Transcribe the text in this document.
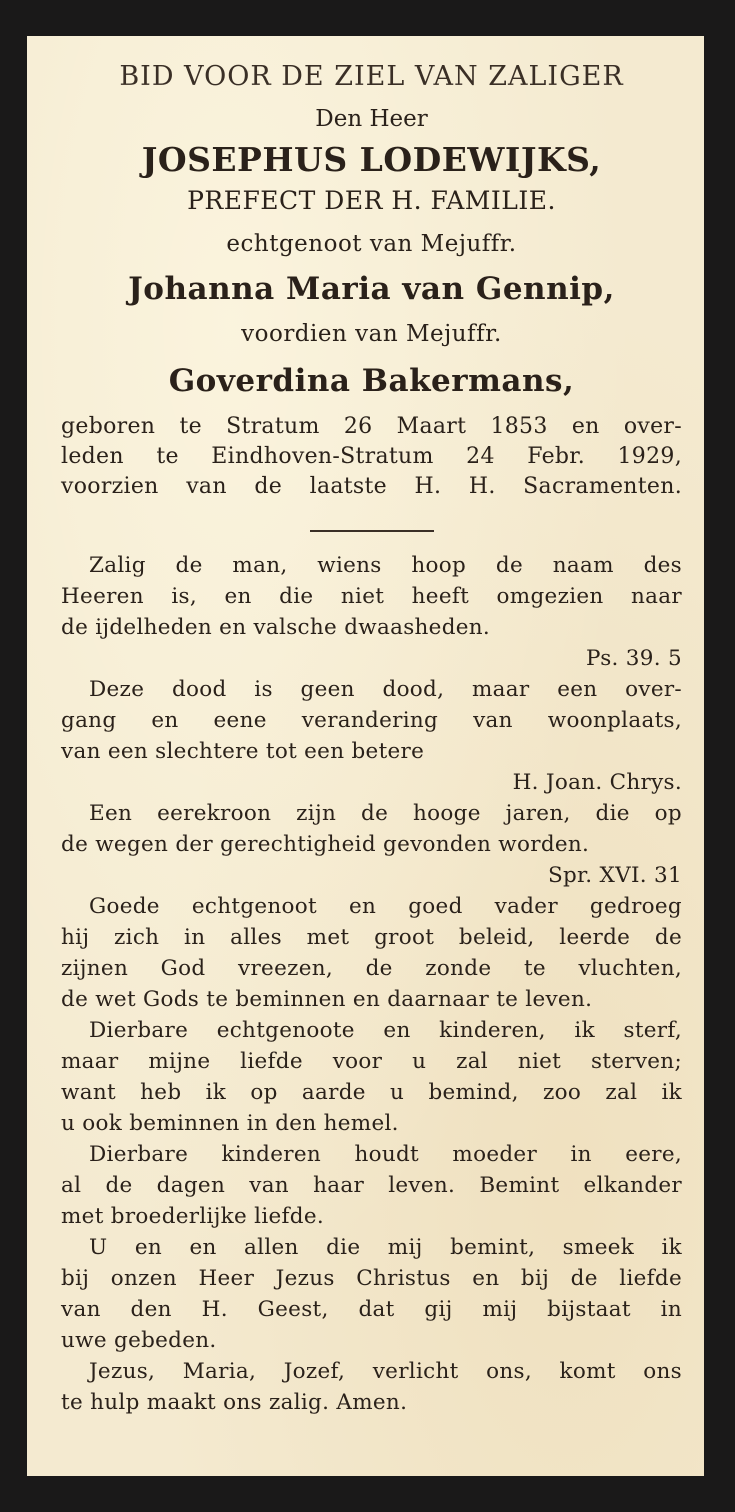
BID VOOR DE ZIEL VAN ZALIGER
Den Heer
JOSEPHUS LODEWIJKS,
PREFECT DER H. FAMILIE.
echtgenoot van Mejuffr.
Johanna Maria van Gennip,
voordien van Mejuffr.
Goverdina Bakermans,
geboren te Stratum 26 Maart 1853 en over-
leden te Eindhoven-Stratum 24 Febr. 1929,
voorzien van de laatste H. H. Sacramenten.
Zalig de man, wiens hoop de naam des
Heeren is, en die niet heeft omgezien naar
de ijdelheden en valsche dwaasheden.
Ps. 39. 5
Deze dood is geen dood, maar een over-
gang en eene verandering van woonplaats,
van een slechtere tot een betere
H. Joan. Chrys.
Een eerekroon zijn de hooge jaren, die op
de wegen der gerechtigheid gevonden worden.
Spr. XVI. 31
Goede echtgenoot en goed vader gedroeg
hij zich in alles met groot beleid, leerde de
zijnen God vreezen, de zonde te vluchten,
de wet Gods te beminnen en daarnaar te leven.
Dierbare echtgenoote en kinderen, ik sterf,
maar mijne liefde voor u zal niet sterven;
want heb ik op aarde u bemind, zoo zal ik
u ook beminnen in den hemel.
Dierbare kinderen houdt moeder in eere,
al de dagen van haar leven. Bemint elkander
met broederlijke liefde.
U en en allen die mij bemint, smeek ik
bij onzen Heer Jezus Christus en bij de liefde
van den H. Geest, dat gij mij bijstaat in
uwe gebeden.
Jezus, Maria, Jozef, verlicht ons, komt ons
te hulp maakt ons zalig. Amen.
